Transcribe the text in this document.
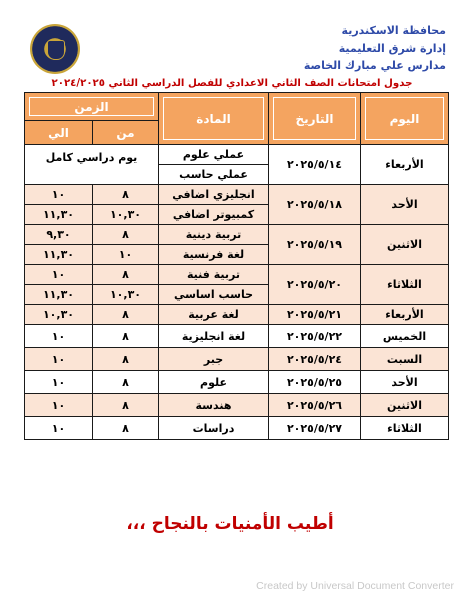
محافظة الاسكندرية
إدارة شرق التعليمية
مدارس علي مبارك الخاصة
جدول امتحانات الصف الثاني الاعدادي للفصل الدراسي الثاني ٢٠٢٤/٢٠٢٥
اليوم	التاريخ	المادة	الزمن	

			من	الي
الأربعاء	٢٠٢٥/٥/١٤	عملي علوم	يوم دراسي كامل	
		عملي حاسب		
الأحد	٢٠٢٥/٥/١٨	انجليزي اضافي	٨	١٠
		كمبيوتر اضافي	١٠,٣٠	١١,٣٠
الاثنين	٢٠٢٥/٥/١٩	تربية دينية	٨	٩,٣٠
		لغة فرنسية	١٠	١١,٣٠
الثلاثاء	٢٠٢٥/٥/٢٠	تربية فنية	٨	١٠
		حاسب اساسي	١٠,٣٠	١١,٣٠
الأربعاء	٢٠٢٥/٥/٢١	لغة عربية	٨	١٠,٣٠
الخميس	٢٠٢٥/٥/٢٢	لغة انجليزية	٨	١٠
السبت	٢٠٢٥/٥/٢٤	جبر	٨	١٠
الأحد	٢٠٢٥/٥/٢٥	علوم	٨	١٠
الاثنين	٢٠٢٥/٥/٢٦	هندسة	٨	١٠
الثلاثاء	٢٠٢٥/٥/٢٧	دراسات	٨	١٠
أطيب الأمنيات بالنجاح ،،،
Created by Universal Document Converter
